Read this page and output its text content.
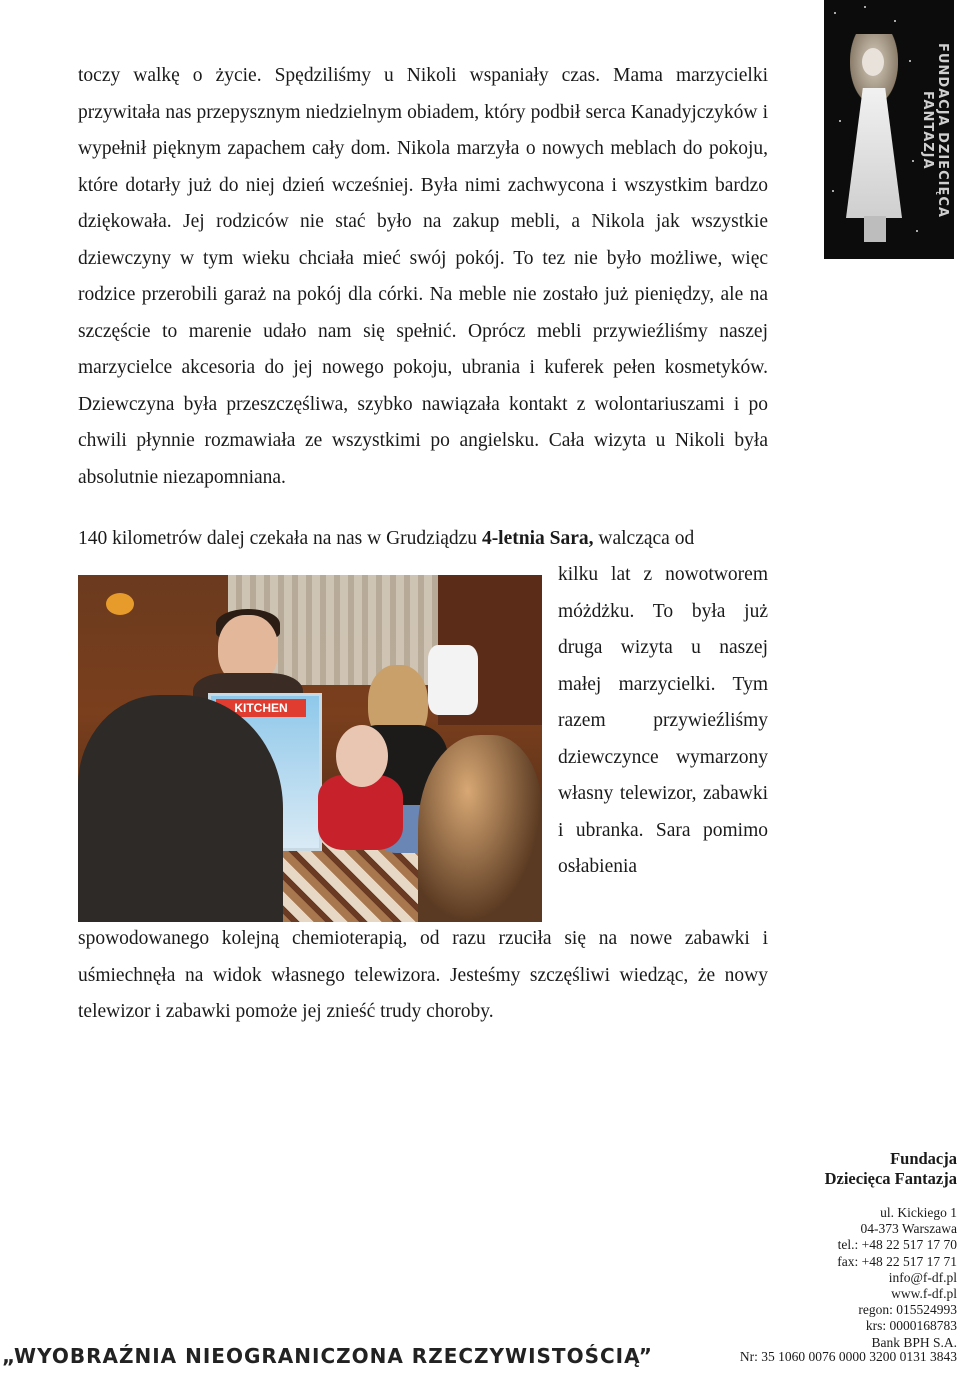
toczy walkę o życie. Spędziliśmy u Nikoli wspaniały czas. Mama marzycielki przywitała nas przepysznym niedzielnym obiadem, który podbił serca Kanadyjczyków i wypełnił pięknym zapachem cały dom. Nikola marzyła o nowych meblach do pokoju, które dotarły już do niej dzień wcześniej. Była nimi zachwycona i wszystkim bardzo dziękowała. Jej rodziców nie stać było na zakup mebli, a Nikola jak wszystkie dziewczyny w tym wieku chciała mieć swój pokój. To tez nie było możliwe, więc rodzice przerobili garaż na pokój dla córki. Na meble nie zostało już pieniędzy, ale na szczęście to marenie udało nam się spełnić. Oprócz mebli przywieźliśmy naszej marzycielce akcesoria do jej nowego pokoju, ubrania i kuferek pełen kosmetyków. Dziewczyna była przeszczęśliwa, szybko nawiązała kontakt z wolontariuszami i po chwili płynnie rozmawiała ze wszystkimi po angielsku. Cała wizyta u Nikoli była absolutnie niezapomniana.

140 kilometrów dalej czekała na nas w Grudziądzu 4-letnia Sara, walcząca od

kilku lat z nowotworem móżdżku. To była już druga wizyta u naszej małej marzycielki. Tym razem przywieźliśmy dziewczynce wymarzony własny telewizor, zabawki i ubranka. Sara pomimo osłabienia

spowodowanego kolejną chemioterapią, od razu rzuciła się na nowe zabawki i uśmiechnęła na widok własnego telewizora. Jesteśmy szczęśliwi wiedząc, że nowy telewizor i zabawki pomoże jej znieść trudy choroby.

FUNDACJA DZIECIĘCA FANTAZJA
KITCHEN
Fundacja
Dziecięca Fantazja
ul. Kickiego 1
04-373 Warszawa
tel.: +48 22 517 17 70
fax: +48 22 517 17 71
info@f-df.pl
www.f-df.pl
regon: 015524993
krs: 0000168783
Bank BPH S.A.
„WYOBRAŹNIA NIEOGRANICZONA RZECZYWISTOŚCIĄ”	Nr: 35 1060 0076 0000 3200 0131 3843
